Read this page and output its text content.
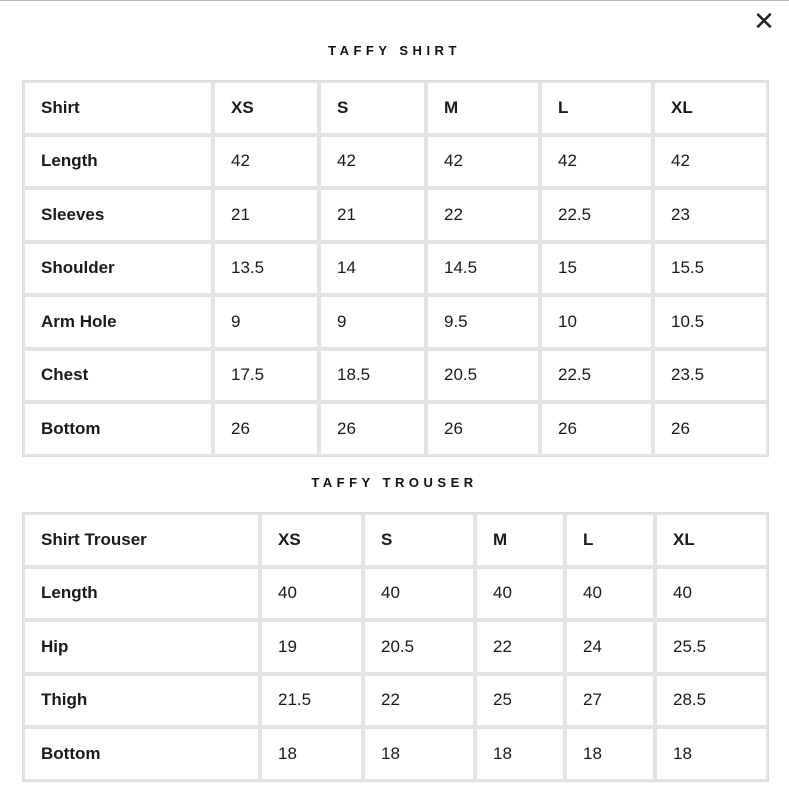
✕
TAFFY SHIRT
Shirt	XS	S	M	L	XL
Length	42	42	42	42	42
Sleeves	21	21	22	22.5	23
Shoulder	13.5	14	14.5	15	15.5
Arm Hole	9	9	9.5	10	10.5
Chest	17.5	18.5	20.5	22.5	23.5
Bottom	26	26	26	26	26
TAFFY TROUSER
Shirt Trouser	XS	S	M	L	XL
Length	40	40	40	40	40
Hip	19	20.5	22	24	25.5
Thigh	21.5	22	25	27	28.5
Bottom	18	18	18	18	18
